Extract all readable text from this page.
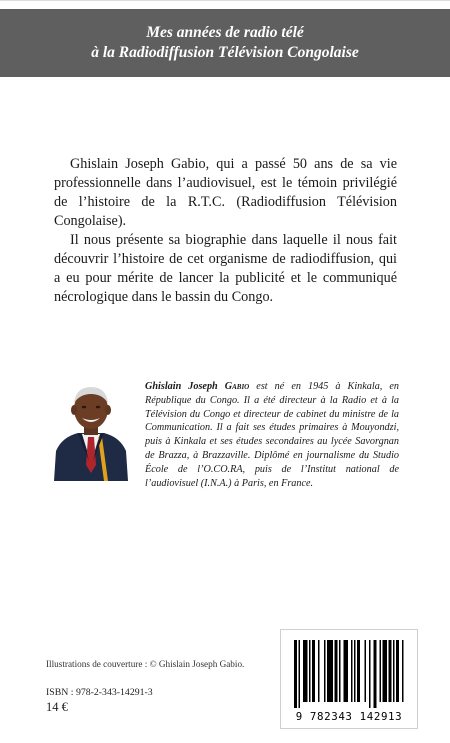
Mes années de radio télé
à la Radiodiffusion Télévision Congolaise

Ghislain Joseph Gabio, qui a passé 50 ans de sa vie professionnelle dans l’audiovisuel, est le témoin privilégié de l’histoire de la R.T.C. (Radiodiffusion Télévision Congolaise).

Il nous présente sa biographie dans laquelle il nous fait découvrir l’histoire de cet organisme de radiodiffusion, qui a eu pour mérite de lancer la publicité et le communiqué nécrologique dans le bassin du Congo.

Ghislain Joseph Gabio est né en 1945 à Kinkala, en République du Congo. Il a été directeur à la Radio et à la Télévision du Congo et directeur de cabinet du ministre de la Communication. Il a fait ses études primaires à Mouyondzi, puis à Kinkala et ses études secondaires au lycée Savorgnan de Brazza, à Brazzaville. Diplômé en journalisme du Studio École de l’O.CO.RA, puis de l’Institut national de l’audiovisuel (I.N.A.) à Paris, en France.
Illustrations de couverture : © Ghislain Joseph Gabio.
ISBN : 978-2-343-14291-3
14 €
9 782343 142913
